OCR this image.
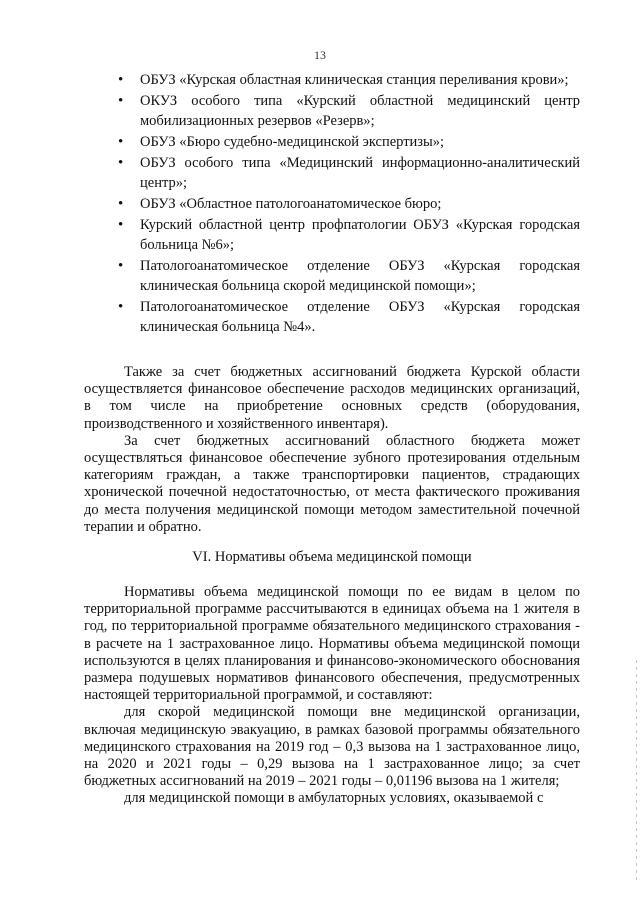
13
• ОБУЗ «Курская областная клиническая станция переливания крови»;
• ОКУЗ особого типа «Курский областной медицинский центр мобилизационных резервов «Резерв»;
• ОБУЗ «Бюро судебно-медицинской экспертизы»;
• ОБУЗ особого типа «Медицинский информационно-аналитический центр»;
• ОБУЗ «Областное патологоанатомическое бюро;
• Курский областной центр профпатологии ОБУЗ «Курская городская больница №6»;
• Патологоанатомическое отделение ОБУЗ «Курская городская клиническая больница скорой медицинской помощи»;
• Патологоанатомическое отделение ОБУЗ «Курская городская клиническая больница №4».

Также за счет бюджетных ассигнований бюджета Курской области осуществляется финансовое обеспечение расходов медицинских организаций, в том числе на приобретение основных средств (оборудования, производственного и хозяйственного инвентаря).

За счет бюджетных ассигнований областного бюджета может осуществляться финансовое обеспечение зубного протезирования отдельным категориям граждан, а также транспортировки пациентов, страдающих хронической почечной недостаточностью, от места фактического проживания до места получения медицинской помощи методом заместительной почечной терапии и обратно.

VI. Нормативы объема медицинской помощи

Нормативы объема медицинской помощи по ее видам в целом по территориальной программе рассчитываются в единицах объема на 1 жителя в год, по территориальной программе обязательного медицинского страхования - в расчете на 1 застрахованное лицо. Нормативы объема медицинской помощи используются в целях планирования и финансово-экономического обоснования размера подушевых нормативов финансового обеспечения, предусмотренных настоящей территориальной программой, и составляют:

для скорой медицинской помощи вне медицинской организации, включая медицинскую эвакуацию, в рамках базовой программы обязательного медицинского страхования на 2019 год – 0,3 вызова на 1 застрахованное лицо, на 2020 и 2021 годы – 0,29 вызова на 1 застрахованное лицо; за счет бюджетных ассигнований на 2019 – 2021 годы – 0,01196 вызова на 1 жителя;

для медицинской помощи в амбулаторных условиях, оказываемой с
